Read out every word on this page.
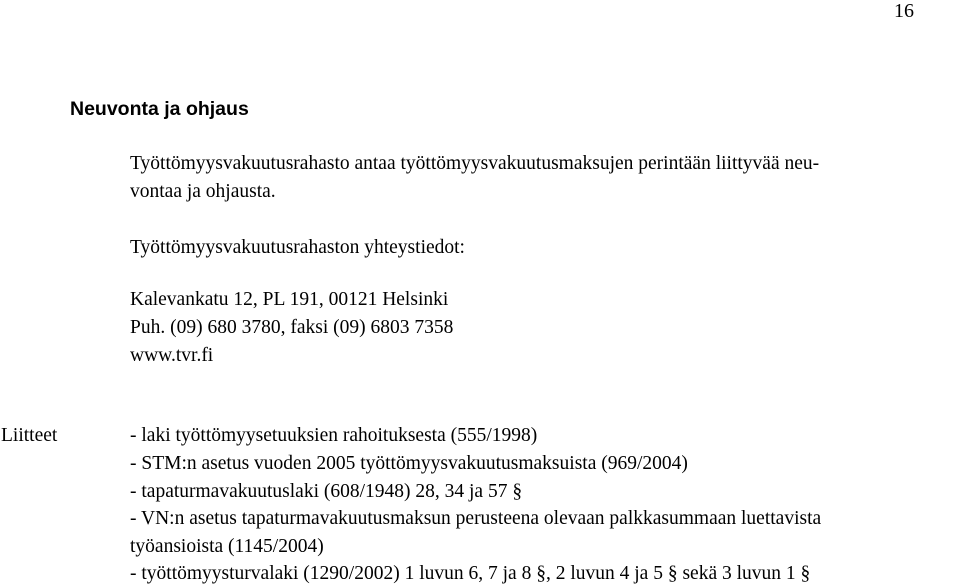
16
Neuvonta ja ohjaus
Työttömyysvakuutusrahasto antaa työttömyysvakuutusmaksujen perintään liittyvää neu-
vontaa ja ohjausta.
Työttömyysvakuutusrahaston yhteystiedot:
Kalevankatu 12, PL 191, 00121 Helsinki
Puh. (09) 680 3780, faksi (09) 6803 7358
www.tvr.fi
Liitteet	- laki työttömyysetuuksien rahoituksesta (555/1998)
- STM:n asetus vuoden 2005 työttömyysvakuutusmaksuista (969/2004)
- tapaturmavakuutuslaki (608/1948) 28, 34 ja 57 §
- VN:n asetus tapaturmavakuutusmaksun perusteena olevaan palkkasummaan luettavista
työansioista (1145/2004)
- työttömyysturvalaki (1290/2002) 1 luvun 6, 7 ja 8 §, 2 luvun 4 ja 5 § sekä 3 luvun 1 §
